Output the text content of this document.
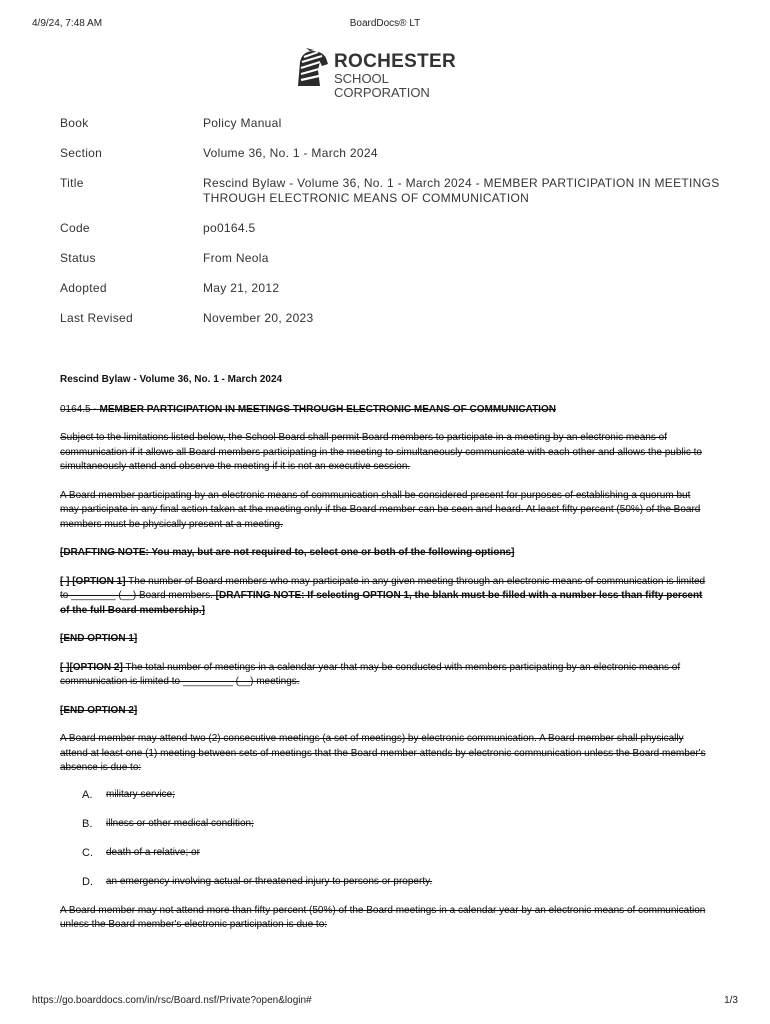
4/9/24, 7:48 AM	BoardDocs® LT
ROCHESTER
SCHOOL CORPORATION
Book	Policy Manual
Section	Volume 36, No. 1 - March 2024
Title	Rescind Bylaw - Volume 36, No. 1 - March 2024 - MEMBER PARTICIPATION IN MEETINGS THROUGH ELECTRONIC MEANS OF COMMUNICATION
Code	po0164.5
Status	From Neola
Adopted	May 21, 2012
Last Revised	November 20, 2023

Rescind Bylaw - Volume 36, No. 1 - March 2024

0164.5 - MEMBER PARTICIPATION IN MEETINGS THROUGH ELECTRONIC MEANS OF COMMUNICATION

Subject to the limitations listed below, the School Board shall permit Board members to participate in a meeting by an electronic means of communication if it allows all Board members participating in the meeting to simultaneously communicate with each other and allows the public to simultaneously attend and observe the meeting if it is not an executive session.

A Board member participating by an electronic means of communication shall be considered present for purposes of establishing a quorum but may participate in any final action taken at the meeting only if the Board member can be seen and heard. At least fifty percent (50%) of the Board members must be physically present at a meeting.

[DRAFTING NOTE: You may, but are not required to, select one or both of the following options]

[ ] [OPTION 1] The number of Board members who may participate in any given meeting through an electronic means of communication is limited to ________ (__) Board members. [DRAFTING NOTE: If selecting OPTION 1, the blank must be filled with a number less than fifty percent of the full Board membership.]

[END OPTION 1]

[ ][OPTION 2] The total number of meetings in a calendar year that may be conducted with members participating by an electronic means of communication is limited to _________ (__) meetings.

[END OPTION 2]

A Board member may attend two (2) consecutive meetings (a set of meetings) by electronic communication. A Board member shall physically attend at least one (1) meeting between sets of meetings that the Board member attends by electronic communication unless the Board member's absence is due to:

A.	military service;
B.	illness or other medical condition;
C.	death of a relative; or
D.	an emergency involving actual or threatened injury to persons or property.

A Board member may not attend more than fifty percent (50%) of the Board meetings in a calendar year by an electronic means of communication unless the Board member's electronic participation is due to:

https://go.boarddocs.com/in/rsc/Board.nsf/Private?open&login#	1/3
